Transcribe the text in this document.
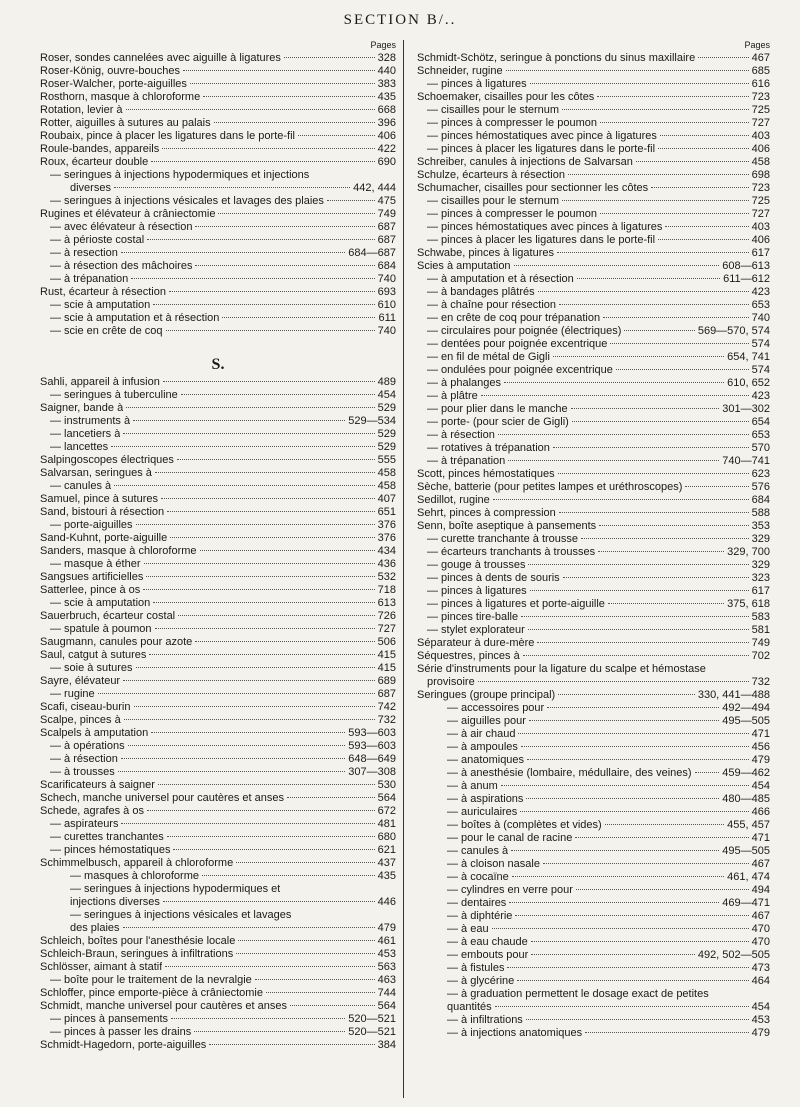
SECTION B/..
Pages
Roser, sondes cannelées avec aiguille à ligatures	328
Roser-König, ouvre-bouches	440
Roser-Walcher, porte-aiguilles	383
Rosthorn, masque à chloroforme	435
Rotation, levier à	668
Rotter, aiguilles à sutures au palais	396
Roubaix, pince à placer les ligatures dans le porte-fil	406
Roule-bandes, appareils	422
Roux, écarteur double	690
— seringues à injections hypodermiques et injections
diverses	442, 444
— seringues à injections vésicales et lavages des plaies	475
Rugines et élévateur à crâniectomie	749
— avec élévateur à résection	687
— à périoste costal	687
— à resection	684—687
— à résection des mâchoires	684
— à trépanation	740
Rust, écarteur à résection	693
— scie à amputation	610
— scie à amputation et à résection	611
— scie en crête de coq	740
S.
Sahli, appareil à infusion	489
— seringues à tuberculine	454
Saigner, bande à	529
— instruments à	529—534
— lancetiers à	529
— lancettes	529
Salpingoscopes électriques	555
Salvarsan, seringues à	458
— canules à	458
Samuel, pince à sutures	407
Sand, bistouri à résection	651
— porte-aiguilles	376
Sand-Kuhnt, porte-aiguille	376
Sanders, masque à chloroforme	434
— masque à éther	436
Sangsues artificielles	532
Satterlee, pince à os	718
— scie à amputation	613
Sauerbruch, écarteur costal	726
— spatule à poumon	727
Saugmann, canules pour azote	506
Saul, catgut à sutures	415
— soie à sutures	415
Sayre, élévateur	689
— rugine	687
Scafi, ciseau-burin	742
Scalpe, pinces à	732
Scalpels à amputation	593—603
— à opérations	593—603
— à résection	648—649
— à trousses	307—308
Scarificateurs à saigner	530
Schech, manche universel pour cautères et anses	564
Schede, agrafes à os	672
— aspirateurs	481
— curettes tranchantes	680
— pinces hémostatiques	621
Schimmelbusch, appareil à chloroforme	437
— masques à chloroforme	435
— seringues à injections hypodermiques et
injections diverses	446
— seringues à injections vésicales et lavages
des plaies	479
Schleich, boîtes pour l'anesthésie locale	461
Schleich-Braun, seringues à infiltrations	453
Schlösser, aimant à statif	563
— boîte pour le traitement de la nevralgie	463
Schloffer, pince emporte-pièce à crâniectomie	744
Schmidt, manche universel pour cautères et anses	564
— pinces à pansements	520—521
— pinces à passer les drains	520—521
Schmidt-Hagedorn, porte-aiguilles	384
Pages
Schmidt-Schötz, seringue à ponctions du sinus maxillaire	467
Schneider, rugine	685
— pinces à ligatures	616
Schoemaker, cisailles pour les côtes	723
— cisailles pour le sternum	725
— pinces à compresser le poumon	727
— pinces hémostatiques avec pince à ligatures	403
— pinces à placer les ligatures dans le porte-fil	406
Schreiber, canules à injections de Salvarsan	458
Schulze, écarteurs à résection	698
Schumacher, cisailles pour sectionner les côtes	723
— cisailles pour le sternum	725
— pinces à compresser le poumon	727
— pinces hémostatiques avec pinces à ligatures	403
— pinces à placer les ligatures dans le porte-fil	406
Schwabe, pinces à ligatures	617
Scies à amputation	608—613
— à amputation et à résection	611—612
— à bandages plâtrés	423
— à chaîne pour résection	653
— en crête de coq pour trépanation	740
— circulaires pour poignée (électriques)	569—570, 574
— dentées pour poignée excentrique	574
— en fil de métal de Gigli	654, 741
— ondulées pour poignée excentrique	574
— à phalanges	610, 652
— à plâtre	423
— pour plier dans le manche	301—302
— porte- (pour scier de Gigli)	654
— à résection	653
— rotatives à trépanation	570
— à trépanation	740—741
Scott, pinces hémostatiques	623
Sèche, batterie (pour petites lampes et uréthroscopes)	576
Sedillot, rugine	684
Sehrt, pinces à compression	588
Senn, boîte aseptique à pansements	353
— curette tranchante à trousse	329
— écarteurs tranchants à trousses	329, 700
— gouge à trousses	329
— pinces à dents de souris	323
— pinces à ligatures	617
— pinces à ligatures et porte-aiguille	375, 618
— pinces tire-balle	583
— stylet explorateur	581
Séparateur à dure-mère	749
Séquestres, pinces à	702
Série d'instruments pour la ligature du scalpe et hémostase
provisoire	732
Seringues (groupe principal)	330, 441—488
— accessoires pour	492—494
— aiguilles pour	495—505
— à air chaud	471
— à ampoules	456
— anatomiques	479
— à anesthésie (lombaire, médullaire, des veines)	459—462
— à anum	454
— à aspirations	480—485
— auriculaires	466
— boîtes à (complètes et vides)	455, 457
— pour le canal de racine	471
— canules à	495—505
— à cloison nasale	467
— à cocaïne	461, 474
— cylindres en verre pour	494
— dentaires	469—471
— à diphtérie	467
— à eau	470
— à eau chaude	470
— embouts pour	492, 502—505
— à fistules	473
— à glycérine	464
— à graduation permettent le dosage exact de petites
quantités	454
— à infiltrations	453
— à injections anatomiques	479
